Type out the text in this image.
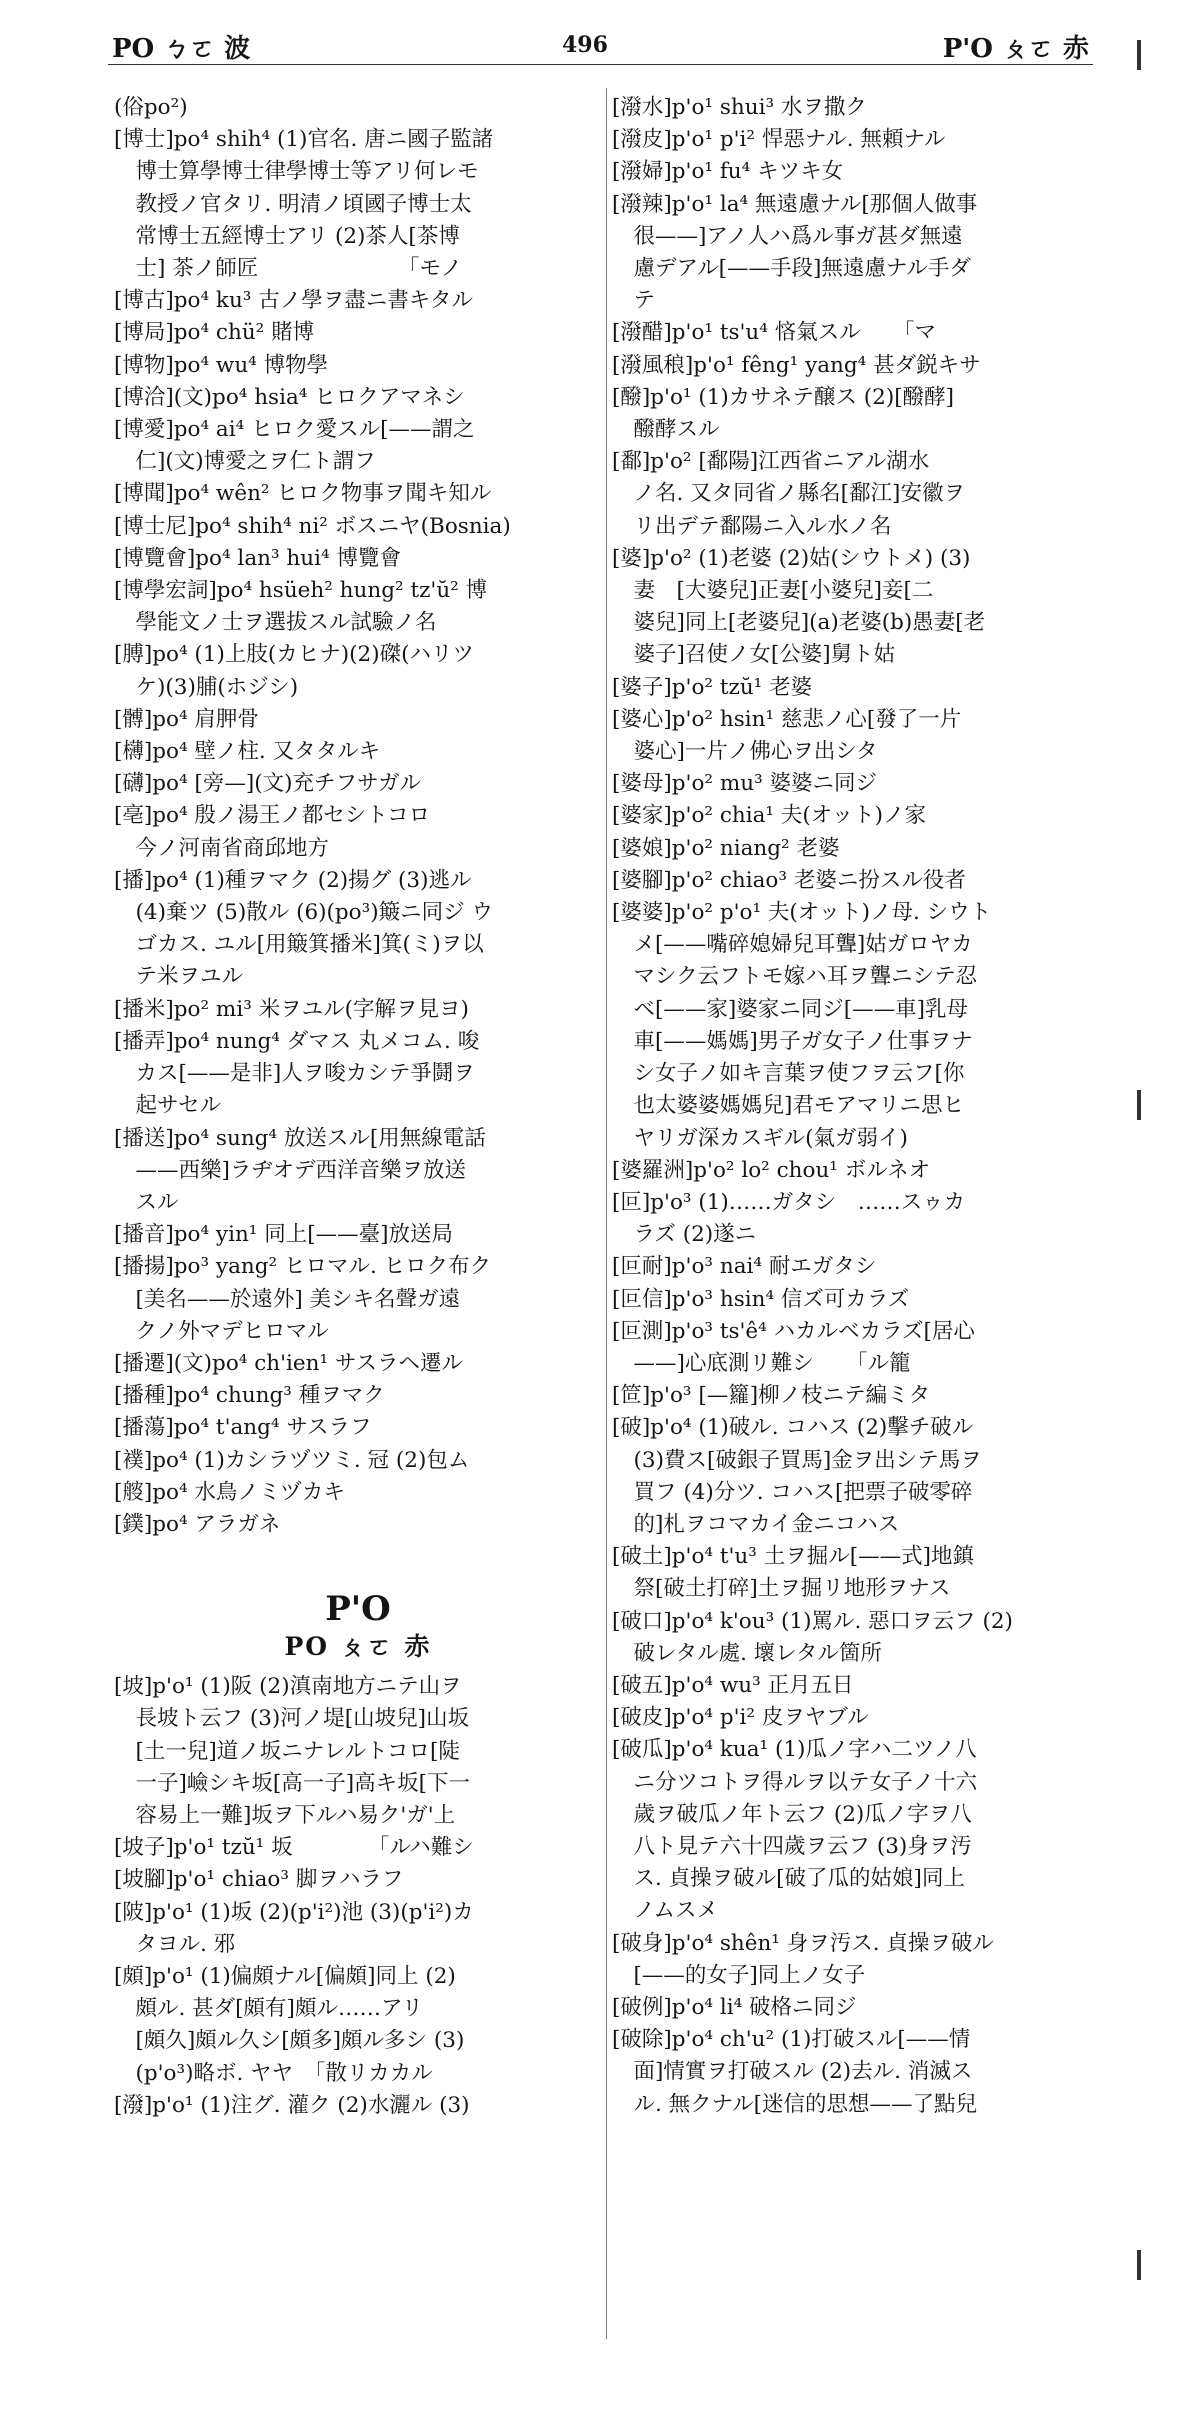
PO ㄅㄛ 波	496	P'O ㄆㄛ 赤
(俗po²)
[博士]po⁴ shih⁴ (1)官名. 唐ニ國子監諸
　博士算學博士律學博士等アリ何レモ
　教授ノ官タリ. 明清ノ頃國子博士太
　常博士五經博士アリ (2)茶人[茶博
　士] 茶ノ師匠　　　　　　　「モノ
[博古]po⁴ ku³ 古ノ學ヲ盡ニ書キタル
[博局]po⁴ chü² 賭博
[博物]po⁴ wu⁴ 博物學
[博洽](文)po⁴ hsia⁴ ヒロクアマネシ
[博愛]po⁴ ai⁴ ヒロク愛スル[——謂之
　仁](文)博愛之ヲ仁ト謂フ
[博聞]po⁴ wên² ヒロク物事ヲ聞キ知ル
[博士尼]po⁴ shih⁴ ni² ボスニヤ(Bosnia)
[博覽會]po⁴ lan³ hui⁴ 博覽會
[博學宏詞]po⁴ hsüeh² hung² tz'ŭ² 博
　學能文ノ士ヲ選拔スル試驗ノ名
[膊]po⁴ (1)上肢(カヒナ)(2)磔(ハリツ
　ケ)(3)脯(ホジシ)
[髆]po⁴ 肩胛骨
[欂]po⁴ 壁ノ柱. 又タタルキ
[礴]po⁴ [旁—](文)充チフサガル
[亳]po⁴ 殷ノ湯王ノ都セシトコロ
　今ノ河南省商邱地方
[播]po⁴ (1)種ヲマク (2)揚グ (3)逃ル
　(4)棄ツ (5)散ル (6)(po³)簸ニ同ジ ウ
　ゴカス. ユル[用簸箕播米]箕(ミ)ヲ以
　テ米ヲユル
[播米]po² mi³ 米ヲユル(字解ヲ見ヨ)
[播弄]po⁴ nung⁴ ダマス 丸メコム. 唆
　カス[——是非]人ヲ唆カシテ爭鬪ヲ
　起サセル
[播送]po⁴ sung⁴ 放送スル[用無線電話
　——西樂]ラヂオデ西洋音樂ヲ放送
　スル
[播音]po⁴ yin¹ 同上[——臺]放送局
[播揚]po³ yang² ヒロマル. ヒロク布ク
　[美名——於遠外] 美シキ名聲ガ遠
　クノ外マデヒロマル
[播遷](文)po⁴ ch'ien¹ サスラヘ遷ル
[播種]po⁴ chung³ 種ヲマク
[播蕩]po⁴ t'ang⁴ サスラフ
[襆]po⁴ (1)カシラヅツミ. 冠 (2)包ム
[䑹]po⁴ 水鳥ノミヅカキ
[鏷]po⁴ アラガネ
P'O
PO ㄆㄛ 赤
[坡]p'o¹ (1)阪 (2)滇南地方ニテ山ヲ
　長坡ト云フ (3)河ノ堤[山坡兒]山坂
　[土一兒]道ノ坂ニナレルトコロ[陡
　一子]嶮シキ坂[高一子]高キ坂[下一
　容易上一難]坂ヲ下ルハ易ク'ガ'上
[坡子]p'o¹ tzŭ¹ 坂　　　　「ルハ難シ
[坡腳]p'o¹ chiao³ 脚ヲハラフ
[陂]p'o¹ (1)坂 (2)(p'i²)池 (3)(p'i²)カ
　タヨル. 邪
[頗]p'o¹ (1)偏頗ナル[偏頗]同上 (2)
　頗ル. 甚ダ[頗有]頗ル……アリ
　[頗久]頗ル久シ[頗多]頗ル多シ (3)
　(p'o³)略ボ. ヤヤ　「散リカカル
[潑]p'o¹ (1)注グ. 灌ク (2)水灑ル (3)
[潑水]p'o¹ shui³ 水ヲ撒ク
[潑皮]p'o¹ p'i² 悍惡ナル. 無頼ナル
[潑婦]p'o¹ fu⁴ キツキ女
[潑辣]p'o¹ la⁴ 無遠慮ナル[那個人做事
　很——]アノ人ハ爲ル事ガ甚ダ無遠
　慮デアル[——手段]無遠慮ナル手ダ
　テ
[潑醋]p'o¹ ts'u⁴ 悋氣スル　　「マ
[潑風稂]p'o¹ fêng¹ yang⁴ 甚ダ鋭キサ
[醱]p'o¹ (1)カサネテ醸ス (2)[醱酵]
　醱酵スル
[鄱]p'o² [鄱陽]江西省ニアル湖水
　ノ名. 又タ同省ノ縣名[鄱江]安徽ヲ
　リ出デテ鄱陽ニ入ル水ノ名
[婆]p'o² (1)老婆 (2)姑(シウトメ) (3)
　妻　[大婆兒]正妻[小婆兒]妾[二
　婆兒]同上[老婆兒](a)老婆(b)愚妻[老
　婆子]召使ノ女[公婆]舅ト姑
[婆子]p'o² tzŭ¹ 老婆
[婆心]p'o² hsin¹ 慈悲ノ心[發了一片
　婆心]一片ノ佛心ヲ出シタ
[婆母]p'o² mu³ 婆婆ニ同ジ
[婆家]p'o² chia¹ 夫(オット)ノ家
[婆娘]p'o² niang² 老婆
[婆腳]p'o² chiao³ 老婆ニ扮スル役者
[婆婆]p'o² p'o¹ 夫(オット)ノ母. シウト
　メ[——嘴碎媳婦兒耳聾]姑ガロヤカ
　マシク云フトモ嫁ハ耳ヲ聾ニシテ忍
　ベ[——家]婆家ニ同ジ[——車]乳母
　車[——媽媽]男子ガ女子ノ仕事ヲナ
　シ女子ノ如キ言葉ヲ使フヲ云フ[你
　也太婆婆媽媽兒]君モアマリニ思ヒ
　ヤリガ深カスギル(氣ガ弱イ)
[婆羅洲]p'o² lo² chou¹ ボルネオ
[叵]p'o³ (1)……ガタシ　……スゥカ
　ラズ (2)遂ニ
[叵耐]p'o³ nai⁴ 耐エガタシ
[叵信]p'o³ hsin⁴ 信ズ可カラズ
[叵測]p'o³ ts'ê⁴ ハカルベカラズ[居心
　——]心底測リ難シ　　「ル籠
[笸]p'o³ [—籮]柳ノ枝ニテ編ミタ
[破]p'o⁴ (1)破ル. コハス (2)擊チ破ル
　(3)費ス[破銀子買馬]金ヲ出シテ馬ヲ
　買フ (4)分ツ. コハス[把票子破零碎
　的]札ヲコマカイ金ニコハス
[破土]p'o⁴ t'u³ 土ヲ掘ル[——式]地鎮
　祭[破土打碎]土ヲ掘リ地形ヲナス
[破口]p'o⁴ k'ou³ (1)罵ル. 惡口ヲ云フ (2)
　破レタル處. 壞レタル箇所
[破五]p'o⁴ wu³ 正月五日
[破皮]p'o⁴ p'i² 皮ヲヤブル
[破瓜]p'o⁴ kua¹ (1)瓜ノ字ハ二ツノ八
　ニ分ツコトヲ得ルヲ以テ女子ノ十六
　歲ヲ破瓜ノ年ト云フ (2)瓜ノ字ヲ八
　八ト見テ六十四歲ヲ云フ (3)身ヲ汚
　ス. 貞操ヲ破ル[破了瓜的姑娘]同上
　ノムスメ
[破身]p'o⁴ shên¹ 身ヲ汚ス. 貞操ヲ破ル
　[——的女子]同上ノ女子
[破例]p'o⁴ li⁴ 破格ニ同ジ
[破除]p'o⁴ ch'u² (1)打破スル[——情
　面]情實ヲ打破スル (2)去ル. 消滅ス
　ル. 無クナル[迷信的思想——了點兒
